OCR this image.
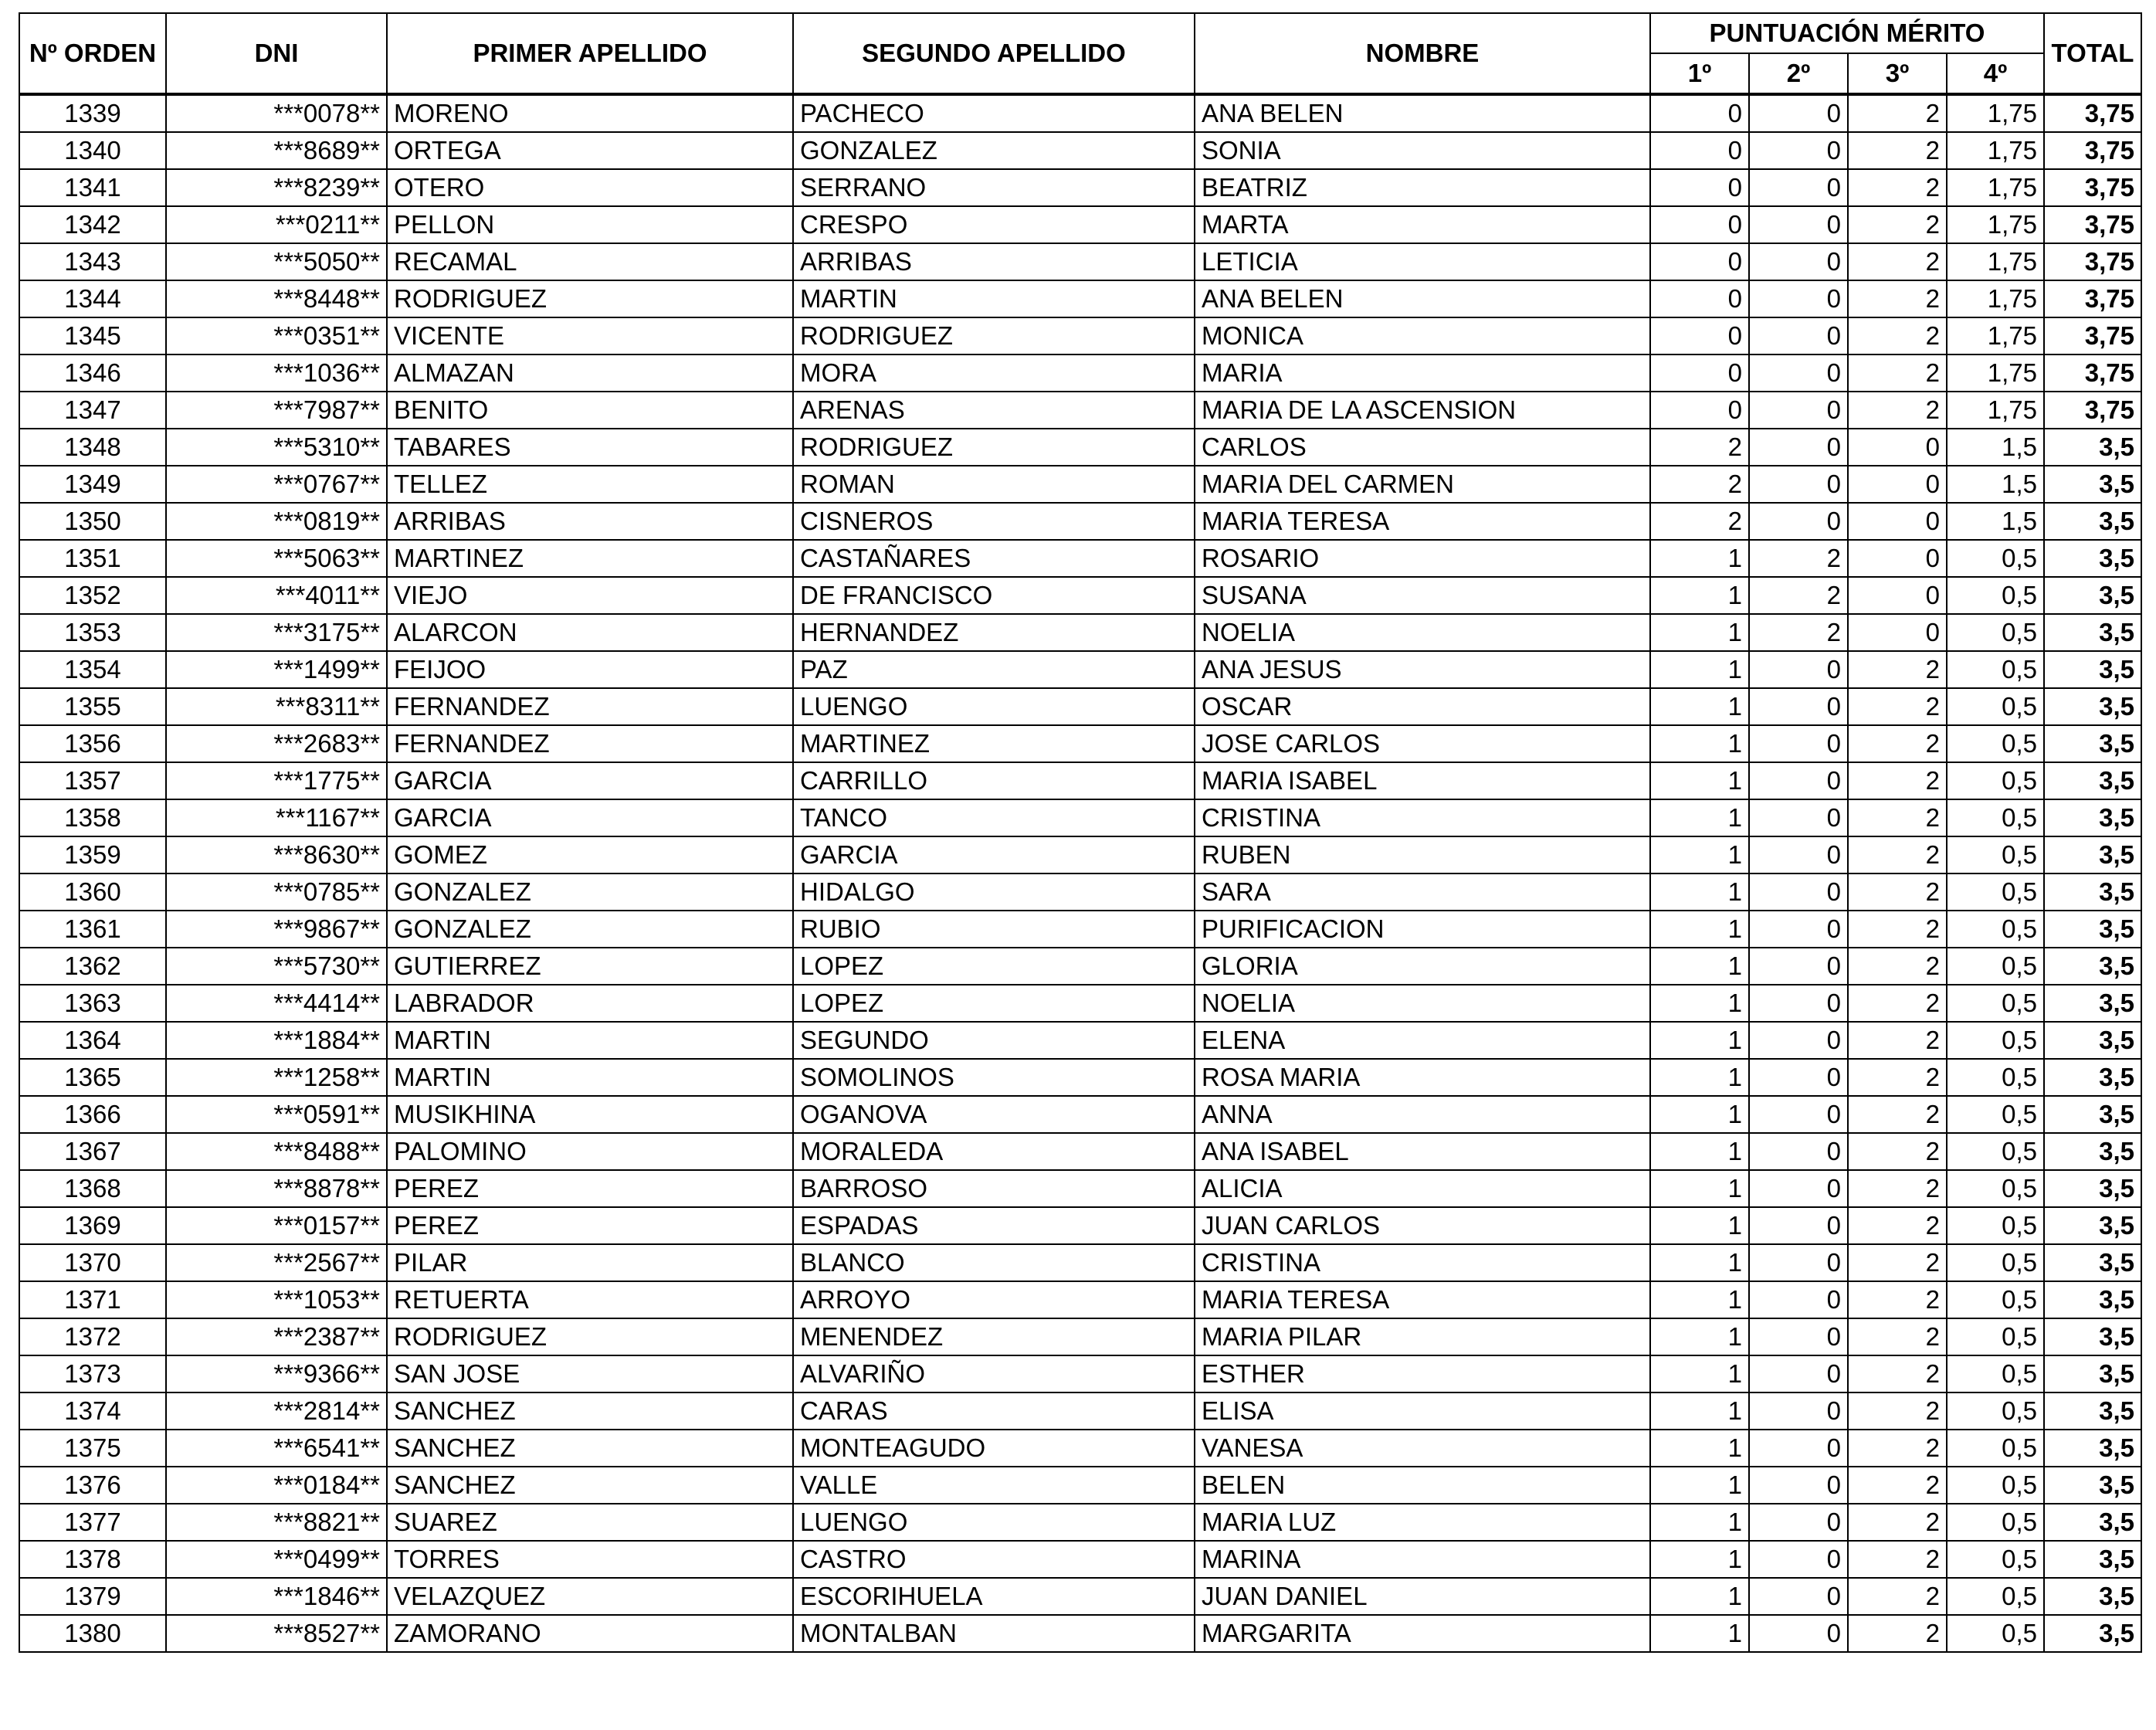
Nº ORDEN	DNI	PRIMER APELLIDO	SEGUNDO APELLIDO	NOMBRE	PUNTUACIÓN MÉRITO				TOTAL
					1º	2º	3º	4º	
1339	***0078**	MORENO	PACHECO	ANA BELEN	0	0	2	1,75	3,75
1340	***8689**	ORTEGA	GONZALEZ	SONIA	0	0	2	1,75	3,75
1341	***8239**	OTERO	SERRANO	BEATRIZ	0	0	2	1,75	3,75
1342	***0211**	PELLON	CRESPO	MARTA	0	0	2	1,75	3,75
1343	***5050**	RECAMAL	ARRIBAS	LETICIA	0	0	2	1,75	3,75
1344	***8448**	RODRIGUEZ	MARTIN	ANA BELEN	0	0	2	1,75	3,75
1345	***0351**	VICENTE	RODRIGUEZ	MONICA	0	0	2	1,75	3,75
1346	***1036**	ALMAZAN	MORA	MARIA	0	0	2	1,75	3,75
1347	***7987**	BENITO	ARENAS	MARIA DE LA ASCENSION	0	0	2	1,75	3,75
1348	***5310**	TABARES	RODRIGUEZ	CARLOS	2	0	0	1,5	3,5
1349	***0767**	TELLEZ	ROMAN	MARIA DEL CARMEN	2	0	0	1,5	3,5
1350	***0819**	ARRIBAS	CISNEROS	MARIA TERESA	2	0	0	1,5	3,5
1351	***5063**	MARTINEZ	CASTAÑARES	ROSARIO	1	2	0	0,5	3,5
1352	***4011**	VIEJO	DE FRANCISCO	SUSANA	1	2	0	0,5	3,5
1353	***3175**	ALARCON	HERNANDEZ	NOELIA	1	2	0	0,5	3,5
1354	***1499**	FEIJOO	PAZ	ANA JESUS	1	0	2	0,5	3,5
1355	***8311**	FERNANDEZ	LUENGO	OSCAR	1	0	2	0,5	3,5
1356	***2683**	FERNANDEZ	MARTINEZ	JOSE CARLOS	1	0	2	0,5	3,5
1357	***1775**	GARCIA	CARRILLO	MARIA ISABEL	1	0	2	0,5	3,5
1358	***1167**	GARCIA	TANCO	CRISTINA	1	0	2	0,5	3,5
1359	***8630**	GOMEZ	GARCIA	RUBEN	1	0	2	0,5	3,5
1360	***0785**	GONZALEZ	HIDALGO	SARA	1	0	2	0,5	3,5
1361	***9867**	GONZALEZ	RUBIO	PURIFICACION	1	0	2	0,5	3,5
1362	***5730**	GUTIERREZ	LOPEZ	GLORIA	1	0	2	0,5	3,5
1363	***4414**	LABRADOR	LOPEZ	NOELIA	1	0	2	0,5	3,5
1364	***1884**	MARTIN	SEGUNDO	ELENA	1	0	2	0,5	3,5
1365	***1258**	MARTIN	SOMOLINOS	ROSA MARIA	1	0	2	0,5	3,5
1366	***0591**	MUSIKHINA	OGANOVA	ANNA	1	0	2	0,5	3,5
1367	***8488**	PALOMINO	MORALEDA	ANA ISABEL	1	0	2	0,5	3,5
1368	***8878**	PEREZ	BARROSO	ALICIA	1	0	2	0,5	3,5
1369	***0157**	PEREZ	ESPADAS	JUAN CARLOS	1	0	2	0,5	3,5
1370	***2567**	PILAR	BLANCO	CRISTINA	1	0	2	0,5	3,5
1371	***1053**	RETUERTA	ARROYO	MARIA TERESA	1	0	2	0,5	3,5
1372	***2387**	RODRIGUEZ	MENENDEZ	MARIA PILAR	1	0	2	0,5	3,5
1373	***9366**	SAN JOSE	ALVARIÑO	ESTHER	1	0	2	0,5	3,5
1374	***2814**	SANCHEZ	CARAS	ELISA	1	0	2	0,5	3,5
1375	***6541**	SANCHEZ	MONTEAGUDO	VANESA	1	0	2	0,5	3,5
1376	***0184**	SANCHEZ	VALLE	BELEN	1	0	2	0,5	3,5
1377	***8821**	SUAREZ	LUENGO	MARIA LUZ	1	0	2	0,5	3,5
1378	***0499**	TORRES	CASTRO	MARINA	1	0	2	0,5	3,5
1379	***1846**	VELAZQUEZ	ESCORIHUELA	JUAN DANIEL	1	0	2	0,5	3,5
1380	***8527**	ZAMORANO	MONTALBAN	MARGARITA	1	0	2	0,5	3,5
